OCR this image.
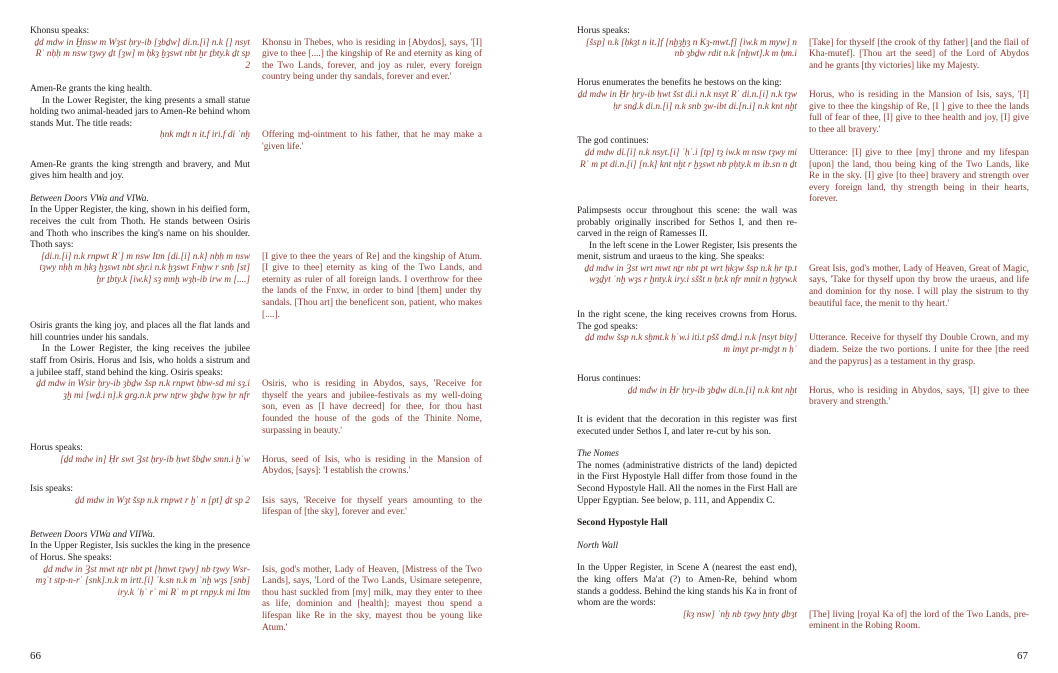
Khonsu speaks:

ḏd mdw in Ḫnsw m Wȝst ḥry-ib [ȝbḏw] di.n.[i] n.k [] nsyt Rʿ nḥḥ m nsw tȝwy ḏt [ȝw] m ḥkȝ ḫȝswt nbt ḫr ṯbty.k ḏt sp 2
Khonsu in Thebes, who is residing in [Abydos], says, '[I] give to thee [....] the kingship of Re and eternity as king of the Two Lands, forever, and joy as ruler, every foreign country being under thy sandals, forever and ever.'

Amen-Re grants the king health.

In the Lower Register, the king presents a small statue holding two animal-headed jars to Amen-Re behind whom stands Mut. The title reads:

ḥnk mḏt n it.f iri.f di ʿnḫ Offering mḏ-ointment to his father, that he may make a 'given life.'

Amen-Re grants the king strength and bravery, and Mut gives him health and joy.

Between Doors VWa and VIWa.

In the Upper Register, the king, shown in his deified form, receives the cult from Thoth. He stands between Osiris and Thoth who inscribes the king's name on his shoulder. Thoth says:

[di.n.[i] n.k rnpwt Rʿ] m nsw Itm [di.[i] n.k] nḥḥ m nsw tȝwy nḥḥ m ḥkȝ ḫȝswt nbt sḫr.i n.k ḫȝswt Fnḫw r snḥ [st] ḫr ṯbty.k [iw.k] sȝ mnḫ wȝḥ-ib irw m [....]
[I give to thee the years of Re] and the kingship of Atum. [I give to thee] eternity as king of the Two Lands, and eternity as ruler of all foreign lands. I overthrow for thee the lands of the Fnxw, in order to bind [them] under thy sandals. [Thou art] the beneficent son, patient, who makes [....].

Osiris grants the king joy, and places all the flat lands and hill countries under his sandals.

In the Lower Register, the king receives the jubilee staff from Osiris. Horus and Isis, who holds a sistrum and a jubilee staff, stand behind the king. Osiris speaks:

ḏd mdw in Wsir ḥry-ib ȝbḏw šsp n.k rnpwt ḥbw-sd mi sȝ.i ȝḫ mi [wḏ.i n].k grg.n.k prw nṯrw ȝbḏw ḥȝw ḥr nfr
Osiris, who is residing in Abydos, says, 'Receive for thyself the years and jubilee-festivals as my well-doing son, even as [I have decreed] for thee, for thou hast founded the house of the gods of the Thinite Nome, surpassing in beauty.'

Horus speaks:

[ḏd mdw in] Ḥr swt Ȝst ḥry-ib ḥwt šbḏw smn.i ḫʿw Horus, seed of Isis, who is residing in the Mansion of Abydos, [says]: 'I establish the crowns.'

Isis speaks:

ḏd mdw in Wȝt šsp n.k rnpwt r ḫʿ n [pt] ḏt sp 2 Isis says, 'Receive for thyself years amounting to the lifespan of [the sky], forever and ever.'

Between Doors VIWa and VIIWa.

In the Upper Register, Isis suckles the king in the presence of Horus. She speaks:

ḏd mdw in Ȝst mwt nṯr nbt pt [ḥnwt tȝwy] nb tȝwy Wsr-mȝʿt stp-n-rʿ [snk].n.k m irtt.[i] ʿk.sn n.k m ʿnḫ wȝs [snb] iry.k ʿḥʿ rʿ mi Rʿ m pt rnpy.k mi Itm
Isis, god's mother, Lady of Heaven, [Mistress of the Two Lands], says, 'Lord of the Two Lands, Usimare setepenre, thou hast suckled from [my] milk, may they enter to thee as life, dominion and [health]; mayest thou spend a lifespan like Re in the sky, mayest thou be young like Atum.'

Horus speaks:

[šsp] n.k [ḥkȝt n it.]f [nḫȝḫȝ n Kȝ-mwt.f] [iw.k m myw] n nb ȝbḏw rdit n.k [nḫwt].k m ḥm.i
[Take] for thyself [the crook of thy father] [and the flail of Kha-mutef]. [Thou art the seed] of the Lord of Abydos and he grants [thy victories] like my Majesty.

Horus enumerates the benefits he bestows on the king:

ḏd mdw in Ḥr ḥry-ib ḥwt šst di.i n.k nsyt Rʿ di.n.[i] n.k tȝw ḥr snḏ.k di.n.[i] n.k snb ȝw-ibt di.[n.i] n.k knt nḫt
Horus, who is residing in the Mansion of Isis, says, '[I] give to thee the kingship of Re, [I ] give to thee the lands full of fear of thee, [I] give to thee health and joy, [I] give to thee all bravery.'

The god continues:

ḏd mdw di.[i] n.k nsyt.[i] ʿḥʿ.i [tp] tȝ iw.k m nsw tȝwy mi Rʿ m pt di.n.[i] [n.k] knt nḫt r ḫȝswt nb pḥty.k m ib.sn n ḏt
Utterance: [I] give to thee [my] throne and my lifespan [upon] the land, thou being king of the Two Lands, like Re in the sky. [I] give [to thee] bravery and strength over every foreign land, thy strength being in their hearts, forever.

Palimpsests occur throughout this scene: the wall was probably originally inscribed for Sethos I, and then re-carved in the reign of Ramesses II.

In the left scene in the Lower Register, Isis presents the menit, sistrum and uraeus to the king. She speaks:

ḏd mdw in Ȝst wrt mwt nṯr nbt pt wrt ḥkȝw šsp n.k ḥr tp.t wȝḏyt ʿnḫ wȝs r ḫnty.k iry.i sššt n ḥr.k nfr mnit n ḥȝtyw.k
Great Isis, god's mother, Lady of Heaven, Great of Magic, says, 'Take for thyself upon thy brow the uraeus, and life and dominion for thy nose. I will play the sistrum to thy beautiful face, the menit to thy heart.'

In the right scene, the king receives crowns from Horus. The god speaks:

ḏd mdw šsp n.k sḫmt.k ḥʿw.i iti.t pšš dmḏ.i n.k [nsyt bity] m imyt pr-mḏȝt n ḥʿ
Utterance. Receive for thyself thy Double Crown, and my diadem. Seize the two portions. I unite for thee [the reed and the papyrus] as a testament in thy grasp.

Horus continues:

ḏd mdw in Ḥr ḥry-ib ȝbḏw di.n.[i] n.k knt nḫt Horus, who is residing in Abydos, says, '[I] give to thee bravery and strength.'

It is evident that the decoration in this register was first executed under Sethos I, and later re-cut by his son.

The Nomes

The nomes (administrative districts of the land) depicted in the First Hypostyle Hall differ from those found in the Second Hypostyle Hall. All the nomes in the First Hall are Upper Egyptian. See below, p. 111, and Appendix C.

Second Hypostyle Hall

North Wall

In the Upper Register, in Scene A (nearest the east end), the king offers Ma'at (?) to Amen-Re, behind whom stands a goddess. Behind the king stands his Ka in front of whom are the words:

[kȝ nsw] ʿnḫ nb tȝwy ḫnty ḏbȝt [The] living [royal Ka of] the lord of the Two Lands, pre-eminent in the Robing Room.
66	67
